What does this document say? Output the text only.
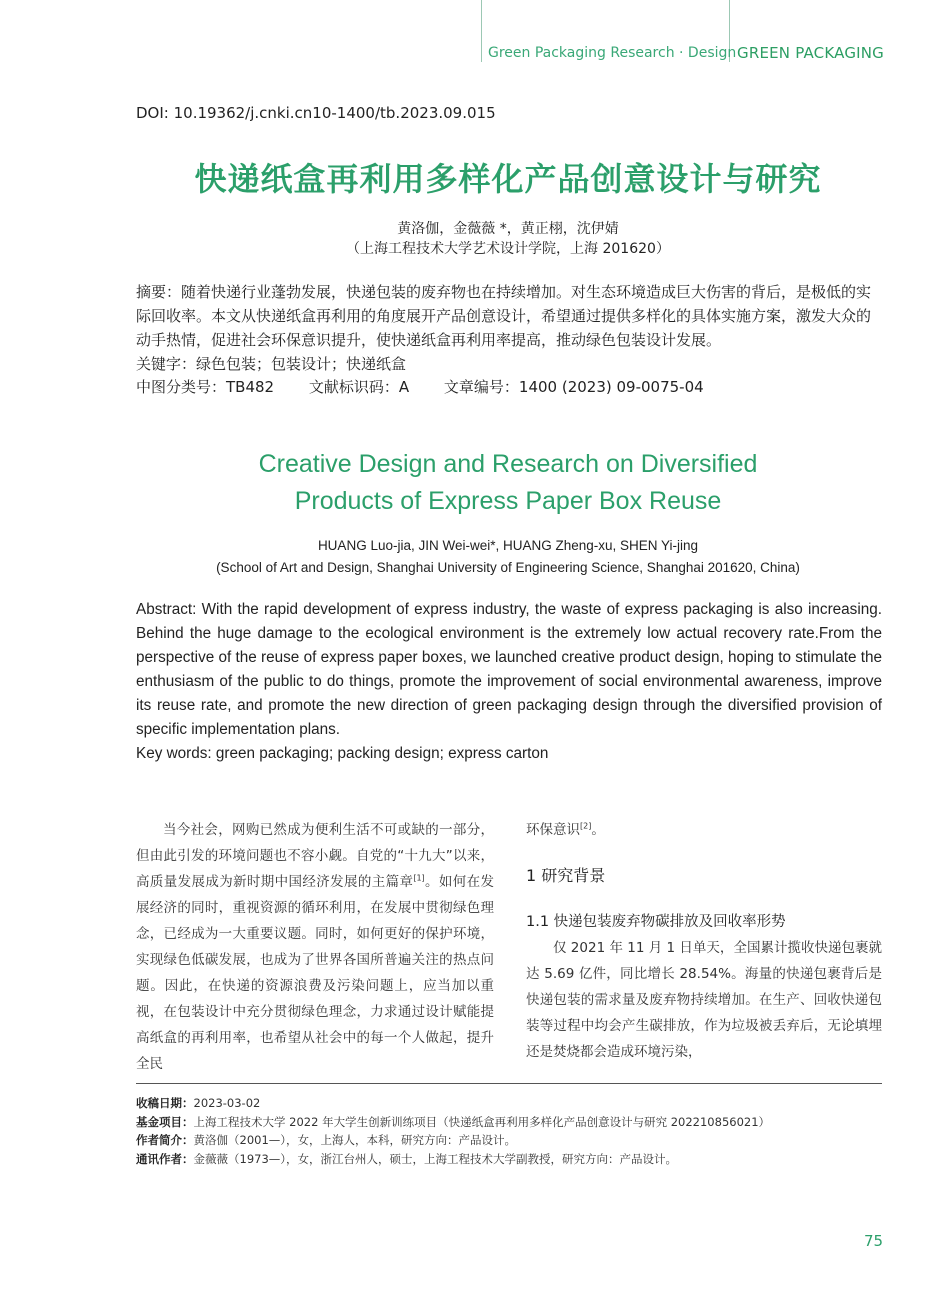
Green Packaging Research · Design GREEN PACKAGING
DOI: 10.19362/j.cnki.cn10-1400/tb.2023.09.015
快递纸盒再利用多样化产品创意设计与研究
黄洛伽，金薇薇 *，黄正栩，沈伊婧
（上海工程技术大学艺术设计学院，上海 201620）

摘要：随着快递行业蓬勃发展，快递包装的废弃物也在持续增加。对生态环境造成巨大伤害的背后，是极低的实际回收率。本文从快递纸盒再利用的角度展开产品创意设计，希望通过提供多样化的具体实施方案，激发大众的动手热情，促进社会环保意识提升，使快递纸盒再利用率提高，推动绿色包装设计发展。

关键字：绿色包装；包装设计；快递纸盒

中图分类号：TB482 文献标识码：A 文章编号：1400 (2023) 09-0075-04
Creative Design and Research on Diversified
Products of Express Paper Box Reuse
HUANG Luo-jia, JIN Wei-wei*, HUANG Zheng-xu, SHEN Yi-jing
(School of Art and Design, Shanghai University of Engineering Science, Shanghai 201620, China)

Abstract: With the rapid development of express industry, the waste of express packaging is also increasing. Behind the huge damage to the ecological environment is the extremely low actual recovery rate.From the perspective of the reuse of express paper boxes, we launched creative product design, hoping to stimulate the enthusiasm of the public to do things, promote the improvement of social environmental awareness, improve its reuse rate, and promote the new direction of green packaging design through the diversified provision of specific implementation plans.

Key words: green packaging; packing design; express carton

当今社会，网购已然成为便利生活不可或缺的一部分，但由此引发的环境问题也不容小觑。自党的“十九大”以来，高质量发展成为新时期中国经济发展的主篇章[1]。如何在发展经济的同时，重视资源的循环利用，在发展中贯彻绿色理念，已经成为一大重要议题。同时，如何更好的保护环境，实现绿色低碳发展，也成为了世界各国所普遍关注的热点问题。因此，在快递的资源浪费及污染问题上，应当加以重视，在包装设计中充分贯彻绿色理念，力求通过设计赋能提高纸盒的再利用率，也希望从社会中的每一个人做起，提升全民

环保意识[2]。

1 研究背景

1.1 快递包装废弃物碳排放及回收率形势

仅 2021 年 11 月 1 日单天，全国累计揽收快递包裹就达 5.69 亿件，同比增长 28.54%。海量的快递包裹背后是快递包装的需求量及废弃物持续增加。在生产、回收快递包装等过程中均会产生碳排放，作为垃圾被丢弃后，无论填埋还是焚烧都会造成环境污染，

收稿日期：2023-03-02

基金项目：上海工程技术大学 2022 年大学生创新训练项目（快递纸盒再利用多样化产品创意设计与研究 202210856021）

作者简介：黄洛伽（2001—），女，上海人，本科，研究方向：产品设计。

通讯作者：金薇薇（1973—），女，浙江台州人，硕士，上海工程技术大学副教授，研究方向：产品设计。

75
